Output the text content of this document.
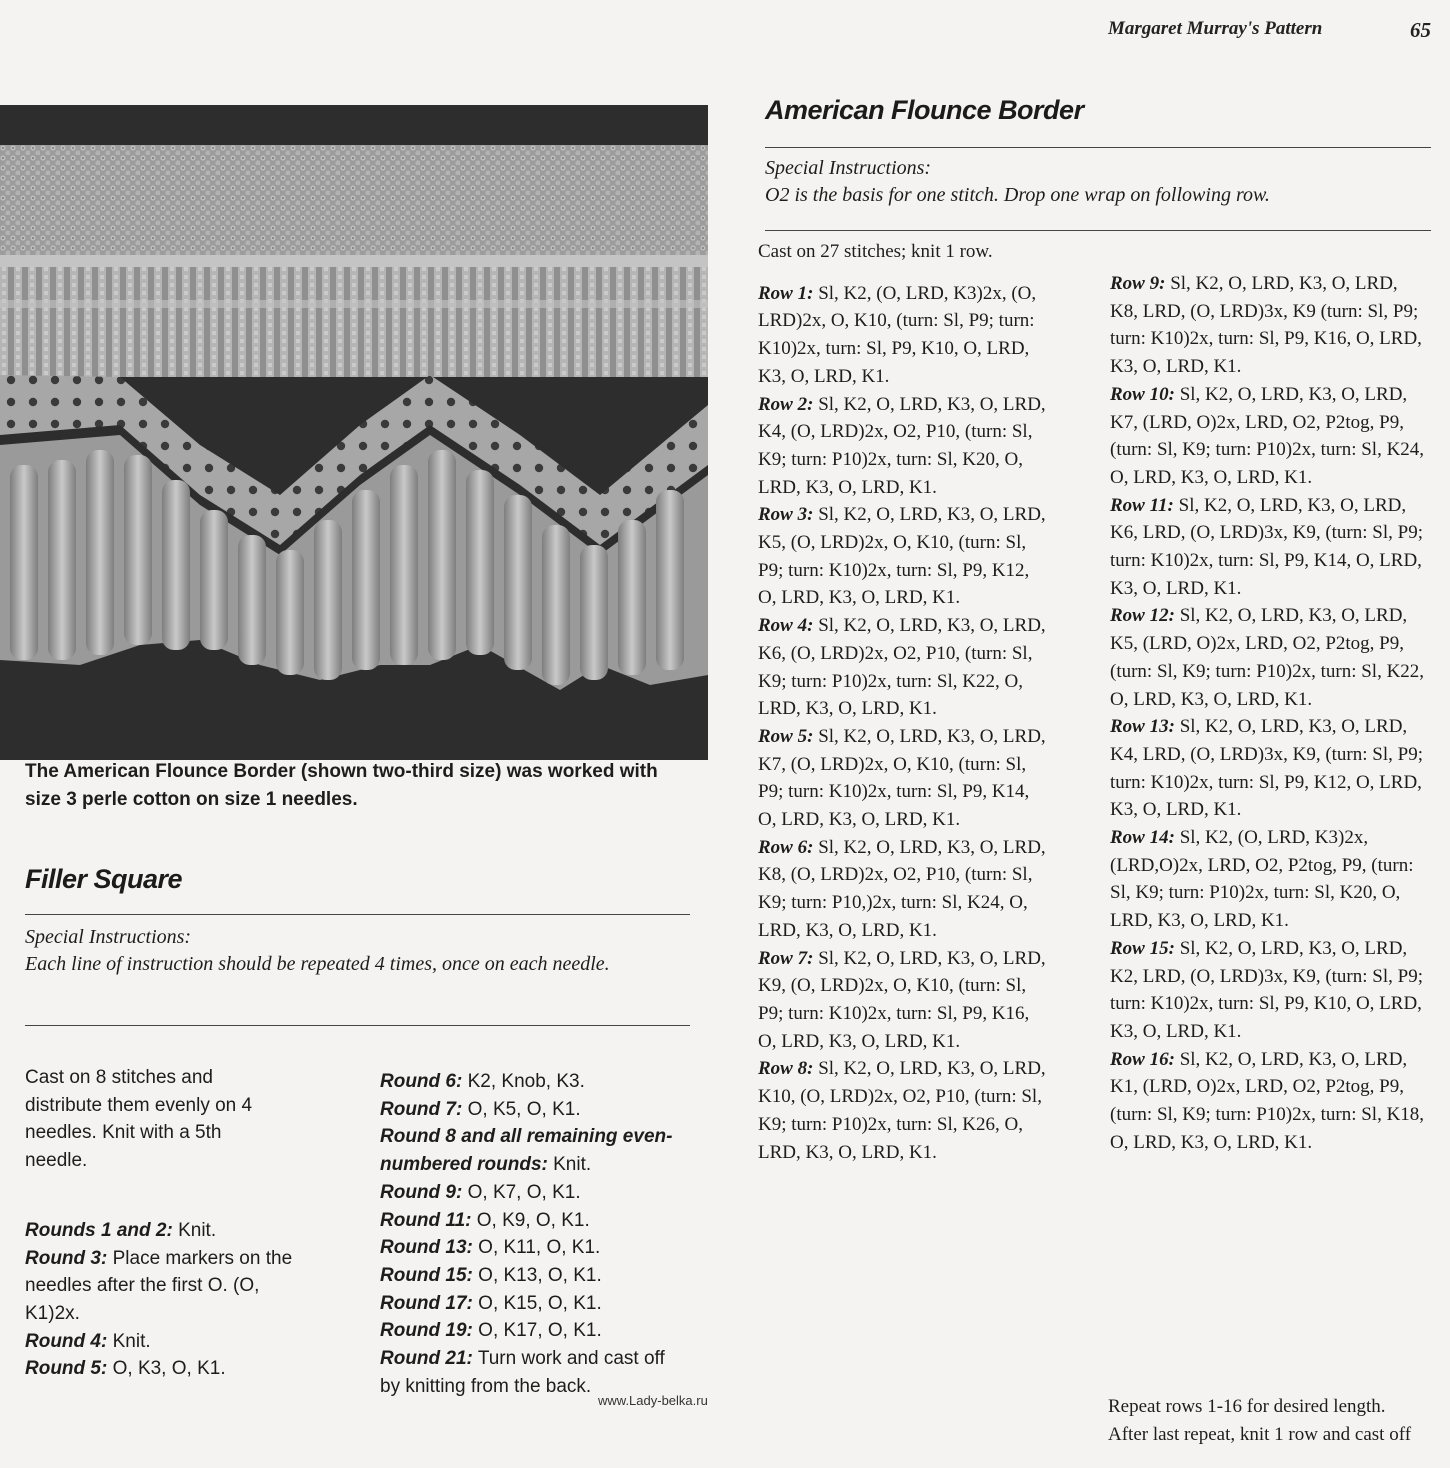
Margaret Murray's Pattern	65
The American Flounce Border (shown two-third size) was worked with size 3 perle cotton on size 1 needles.
American Flounce Border
Special Instructions:
O2 is the basis for one stitch. Drop one wrap on following row.

Cast on 27 stitches; knit 1 row.

Row 1: Sl, K2, (O, LRD, K3)2x, (O, LRD)2x, O, K10, (turn: Sl, P9; turn: K10)2x, turn: Sl, P9, K10, O, LRD, K3, O, LRD, K1.

Row 2: Sl, K2, O, LRD, K3, O, LRD, K4, (O, LRD)2x, O2, P10, (turn: Sl, K9; turn: P10)2x, turn: Sl, K20, O, LRD, K3, O, LRD, K1.

Row 3: Sl, K2, O, LRD, K3, O, LRD, K5, (O, LRD)2x, O, K10, (turn: Sl, P9; turn: K10)2x, turn: Sl, P9, K12, O, LRD, K3, O, LRD, K1.

Row 4: Sl, K2, O, LRD, K3, O, LRD, K6, (O, LRD)2x, O2, P10, (turn: Sl, K9; turn: P10)2x, turn: Sl, K22, O, LRD, K3, O, LRD, K1.

Row 5: Sl, K2, O, LRD, K3, O, LRD, K7, (O, LRD)2x, O, K10, (turn: Sl, P9; turn: K10)2x, turn: Sl, P9, K14, O, LRD, K3, O, LRD, K1.

Row 6: Sl, K2, O, LRD, K3, O, LRD, K8, (O, LRD)2x, O2, P10, (turn: Sl, K9; turn: P10,)2x, turn: Sl, K24, O, LRD, K3, O, LRD, K1.

Row 7: Sl, K2, O, LRD, K3, O, LRD, K9, (O, LRD)2x, O, K10, (turn: Sl, P9; turn: K10)2x, turn: Sl, P9, K16, O, LRD, K3, O, LRD, K1.

Row 8: Sl, K2, O, LRD, K3, O, LRD, K10, (O, LRD)2x, O2, P10, (turn: Sl, K9; turn: P10)2x, turn: Sl, K26, O, LRD, K3, O, LRD, K1.

Row 9: Sl, K2, O, LRD, K3, O, LRD, K8, LRD, (O, LRD)3x, K9 (turn: Sl, P9; turn: K10)2x, turn: Sl, P9, K16, O, LRD, K3, O, LRD, K1.

Row 10: Sl, K2, O, LRD, K3, O, LRD, K7, (LRD, O)2x, LRD, O2, P2tog, P9, (turn: Sl, K9; turn: P10)2x, turn: Sl, K24, O, LRD, K3, O, LRD, K1.

Row 11: Sl, K2, O, LRD, K3, O, LRD, K6, LRD, (O, LRD)3x, K9, (turn: Sl, P9; turn: K10)2x, turn: Sl, P9, K14, O, LRD, K3, O, LRD, K1.

Row 12: Sl, K2, O, LRD, K3, O, LRD, K5, (LRD, O)2x, LRD, O2, P2tog, P9, (turn: Sl, K9; turn: P10)2x, turn: Sl, K22, O, LRD, K3, O, LRD, K1.

Row 13: Sl, K2, O, LRD, K3, O, LRD, K4, LRD, (O, LRD)3x, K9, (turn: Sl, P9; turn: K10)2x, turn: Sl, P9, K12, O, LRD, K3, O, LRD, K1.

Row 14: Sl, K2, (O, LRD, K3)2x, (LRD,O)2x, LRD, O2, P2tog, P9, (turn: Sl, K9; turn: P10)2x, turn: Sl, K20, O, LRD, K3, O, LRD, K1.

Row 15: Sl, K2, O, LRD, K3, O, LRD, K2, LRD, (O, LRD)3x, K9, (turn: Sl, P9; turn: K10)2x, turn: Sl, P9, K10, O, LRD, K3, O, LRD, K1.

Row 16: Sl, K2, O, LRD, K3, O, LRD, K1, (LRD, O)2x, LRD, O2, P2tog, P9, (turn: Sl, K9; turn: P10)2x, turn: Sl, K18, O, LRD, K3, O, LRD, K1.

Repeat rows 1-16 for desired length. After last repeat, knit 1 row and cast off

Filler Square
Special Instructions:
Each line of instruction should be repeated 4 times, once on each needle.

Cast on 8 stitches and distribute them evenly on 4 needles. Knit with a 5th needle.

Rounds 1 and 2: Knit.

Round 3: Place markers on the needles after the first O. (O, K1)2x.

Round 4: Knit.

Round 5: O, K3, O, K1.

Round 6: K2, Knob, K3.

Round 7: O, K5, O, K1.

Round 8 and all remaining even-numbered rounds: Knit.

Round 9: O, K7, O, K1.

Round 11: O, K9, O, K1.

Round 13: O, K11, O, K1.

Round 15: O, K13, O, K1.

Round 17: O, K15, O, K1.

Round 19: O, K17, O, K1.

Round 21: Turn work and cast off by knitting from the back.

www.Lady-belka.ru
